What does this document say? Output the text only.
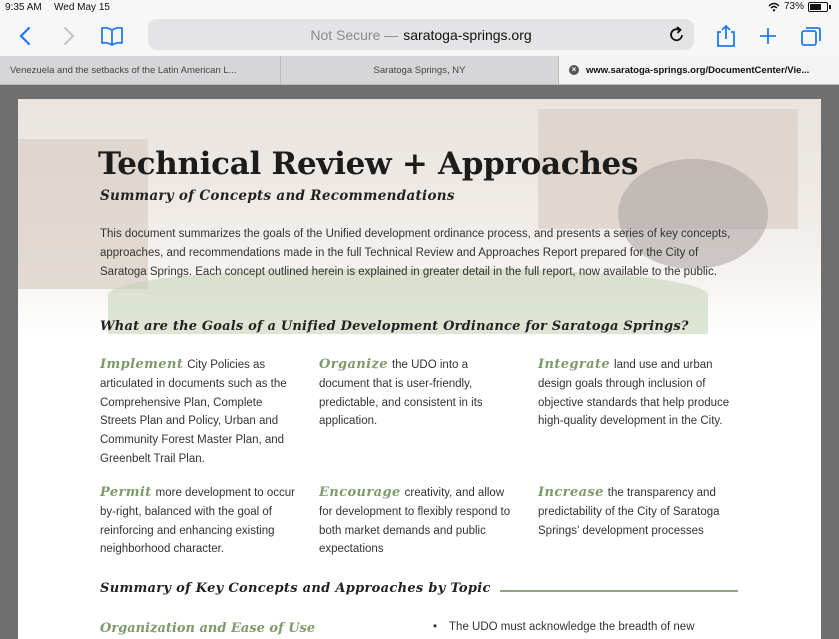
9:35 AM Wed May 15	73%
Not Secure — saratoga-springs.org
Venezuela and the setbacks of the Latin American L...	Saratoga Springs, NY	× www.saratoga-springs.org/DocumentCenter/Vie...
Technical Review + Approaches
Summary of Concepts and Recommendations
This document summarizes the goals of the Unified development ordinance process, and presents a series of key concepts, approaches, and recommendations made in the full Technical Review and Approaches Report prepared for the City of Saratoga Springs. Each concept outlined herein is explained in greater detail in the full report, now available to the public.
What are the Goals of a Unified Development Ordinance for Saratoga Springs?
Implement City Policies as articulated in documents such as the Comprehensive Plan, Complete Streets Plan and Policy, Urban and Community Forest Master Plan, and Greenbelt Trail Plan.
Organize the UDO into a document that is user-friendly, predictable, and consistent in its application.
Integrate land use and urban design goals through inclusion of objective standards that help produce high-quality development in the City.
Permit more development to occur by-right, balanced with the goal of reinforcing and enhancing existing neighborhood character.
Encourage creativity, and allow for development to flexibly respond to both market demands and public expectations
Increase the transparency and predictability of the City of Saratoga Springs’ development processes
Summary of Key Concepts and Approaches by Topic
Organization and Ease of Use	• The UDO must acknowledge the breadth of new
